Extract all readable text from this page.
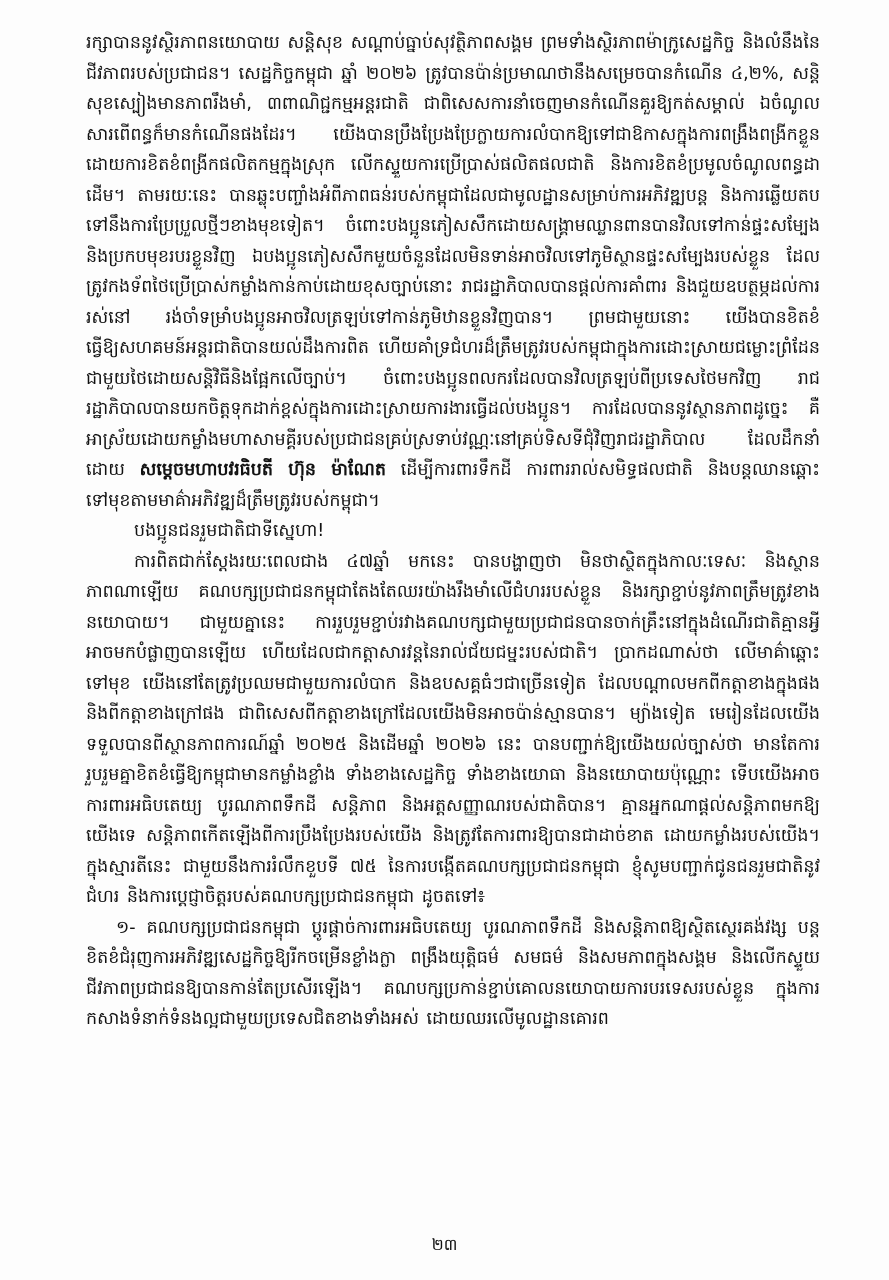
រក្សាបាននូវស្ថិរភាពនយោបាយ សន្តិសុខ សណ្តាប់ធ្នាប់សុវត្ថិភាពសង្គម ព្រមទាំងស្ថិរភាពម៉ាក្រូសេដ្ឋកិច្ច និងលំនឹងនៃជីវភាពរបស់ប្រជាជន។ សេដ្ឋកិច្ចកម្ពុជា ឆ្នាំ ២០២៦ ត្រូវបានប៉ាន់ប្រមាណថានឹងសម្រេចបានកំណើន ៤,២%, សន្តិសុខស្បៀងមានភាពរឹងមាំ, ៣ពាណិជ្ជកម្មអន្តរជាតិ ជាពិសេសការនាំចេញមានកំណើនគួរឱ្យកត់សម្គាល់ ឯចំណូលសារពើពន្ធក៏មានកំណើនផងដែរ។ យើងបានប្រឹងប្រែងប្រែក្លាយការលំបាកឱ្យទៅជាឱកាសក្នុងការពង្រឹងពង្រីកខ្លួន ដោយការខិតខំពង្រីកផលិតកម្មក្នុងស្រុក លើកស្ទួយការប្រើប្រាស់ផលិតផលជាតិ និងការខិតខំប្រមូលចំណូលពន្ធដាដើម។ តាមរយៈនេះ បានឆ្លុះបញ្ចាំងអំពីភាពធន់របស់កម្ពុជាដែលជាមូលដ្ឋានសម្រាប់ការអភិវឌ្ឍបន្ត និងការឆ្លើយតបទៅនឹងការប្រែប្រួលថ្មីៗខាងមុខទៀត។ ចំពោះបងប្អូនភៀសសឹកដោយសង្គ្រាមឈ្លានពានបានវិលទៅកាន់ផ្ទះសម្បែង និងប្រកបមុខរបរខ្លួនវិញ ឯបងប្អូនភៀសសឹកមួយចំនួនដែលមិនទាន់អាចវិលទៅភូមិស្ថានផ្ទះសម្បែងរបស់ខ្លួន ដែលត្រូវកងទ័ពថៃប្រើប្រាស់កម្លាំងកាន់កាប់ដោយខុសច្បាប់នោះ រាជរដ្ឋាភិបាលបានផ្តល់ការគាំពារ និងជួយឧបត្ថម្ភដល់ការរស់នៅ រង់ចាំទម្រាំបងប្អូនអាចវិលត្រឡប់ទៅកាន់ភូមិឋានខ្លួនវិញបាន។ ព្រមជាមួយនោះ យើងបានខិតខំធ្វើឱ្យសហគមន៍អន្តរជាតិបានយល់ដឹងការពិត ហើយគាំទ្រជំហរដ៏ត្រឹមត្រូវរបស់កម្ពុជាក្នុងការដោះស្រាយជម្លោះព្រំដែនជាមួយថៃដោយសន្តិវិធីនិងផ្អែកលើច្បាប់។ ចំពោះបងប្អូនពលករដែលបានវិលត្រឡប់ពីប្រទេសថៃមកវិញ រាជរដ្ឋាភិបាលបានយកចិត្តទុកដាក់ខ្ពស់ក្នុងការដោះស្រាយការងារធ្វើដល់បងប្អូន។ ការដែលបាននូវស្ថានភាពដូច្នេះ គឺអាស្រ័យដោយកម្លាំងមហាសាមគ្គីរបស់ប្រជាជនគ្រប់ស្រទាប់វណ្ណៈនៅគ្រប់ទិសទីជុំវិញរាជរដ្ឋាភិបាល ដែលដឹកនាំដោយ សម្តេចមហាបវរធិបតី ហ៊ុន ម៉ាណែត ដើម្បីការពារទឹកដី ការពាររាល់សមិទ្ធផលជាតិ និងបន្តឈានឆ្ពោះទៅមុខតាមមាគ៌ាអភិវឌ្ឍដ៏ត្រឹមត្រូវរបស់កម្ពុជា។

បងប្អូនជនរួមជាតិជាទីស្នេហា!

ការពិតជាក់ស្តែងរយៈពេលជាង ៤៧ឆ្នាំ មកនេះ បានបង្ហាញថា មិនថាស្ថិតក្នុងកាលៈទេសៈ និងស្ថានភាពណាឡើយ គណបក្សប្រជាជនកម្ពុជាតែងតែឈរយ៉ាងរឹងមាំលើជំហររបស់ខ្លួន និងរក្សាខ្ជាប់នូវភាពត្រឹមត្រូវខាងនយោបាយ។ ជាមួយគ្នានេះ ការរួបរួមខ្ជាប់រវាងគណបក្សជាមួយប្រជាជនបានចាក់គ្រឹះនៅក្នុងដំណើរជាតិគ្មានអ្វីអាចមកបំផ្លាញបានឡើយ ហើយដែលជាកត្តាសារវន្តនៃរាល់ជ័យជម្នះរបស់ជាតិ។ ប្រាកដណាស់ថា លើមាគ៌ាឆ្ពោះទៅមុខ យើងនៅតែត្រូវប្រឈមជាមួយការលំបាក និងឧបសគ្គធំៗជាច្រើនទៀត ដែលបណ្តាលមកពីកត្តាខាងក្នុងផង និងពីកត្តាខាងក្រៅផង ជាពិសេសពីកត្តាខាងក្រៅដែលយើងមិនអាចប៉ាន់ស្មានបាន។ ម្យ៉ាងទៀត មេរៀនដែលយើងទទួលបានពីស្ថានភាពការណ៍ឆ្នាំ ២០២៥ និងដើមឆ្នាំ ២០២៦ នេះ បានបញ្ជាក់ឱ្យយើងយល់ច្បាស់ថា មានតែការរួបរួមគ្នាខិតខំធ្វើឱ្យកម្ពុជាមានកម្លាំងខ្លាំង ទាំងខាងសេដ្ឋកិច្ច ទាំងខាងយោធា និងនយោបាយប៉ុណ្ណោះ ទើបយើងអាចការពារអធិបតេយ្យ បូរណភាពទឹកដី សន្តិភាព និងអត្តសញ្ញាណរបស់ជាតិបាន។ គ្មានអ្នកណាផ្តល់សន្តិភាពមកឱ្យយើងទេ សន្តិភាពកើតឡើងពីការប្រឹងប្រែងរបស់យើង និងត្រូវតែការពារឱ្យបានជាដាច់ខាត ដោយកម្លាំងរបស់យើង។ ក្នុងស្មារតីនេះ ជាមួយនឹងការរំលឹកខួបទី ៧៥ នៃការបង្កើតគណបក្សប្រជាជនកម្ពុជា ខ្ញុំសូមបញ្ជាក់ជូនជនរួមជាតិនូវជំហរ និងការប្តេជ្ញាចិត្តរបស់គណបក្សប្រជាជនកម្ពុជា ដូចតទៅ៖

១- គណបក្សប្រជាជនកម្ពុជា ប្តូរផ្តាច់ការពារអធិបតេយ្យ បូរណភាពទឹកដី និងសន្តិភាពឱ្យស្ថិតស្ថេរគង់វង្ស បន្តខិតខំជំរុញការអភិវឌ្ឍសេដ្ឋកិច្ចឱ្យរីកចម្រើនខ្លាំងក្លា ពង្រឹងយុត្តិធម៌ សមធម៌ និងសមភាពក្នុងសង្គម និងលើកស្ទួយជីវភាពប្រជាជនឱ្យបានកាន់តែប្រសើរឡើង។ គណបក្សប្រកាន់ខ្ជាប់គោលនយោបាយការបរទេសរបស់ខ្លួន ក្នុងការកសាងទំនាក់ទំនងល្អជាមួយប្រទេសជិតខាងទាំងអស់ ដោយឈរលើមូលដ្ឋានគោរព

២៣
